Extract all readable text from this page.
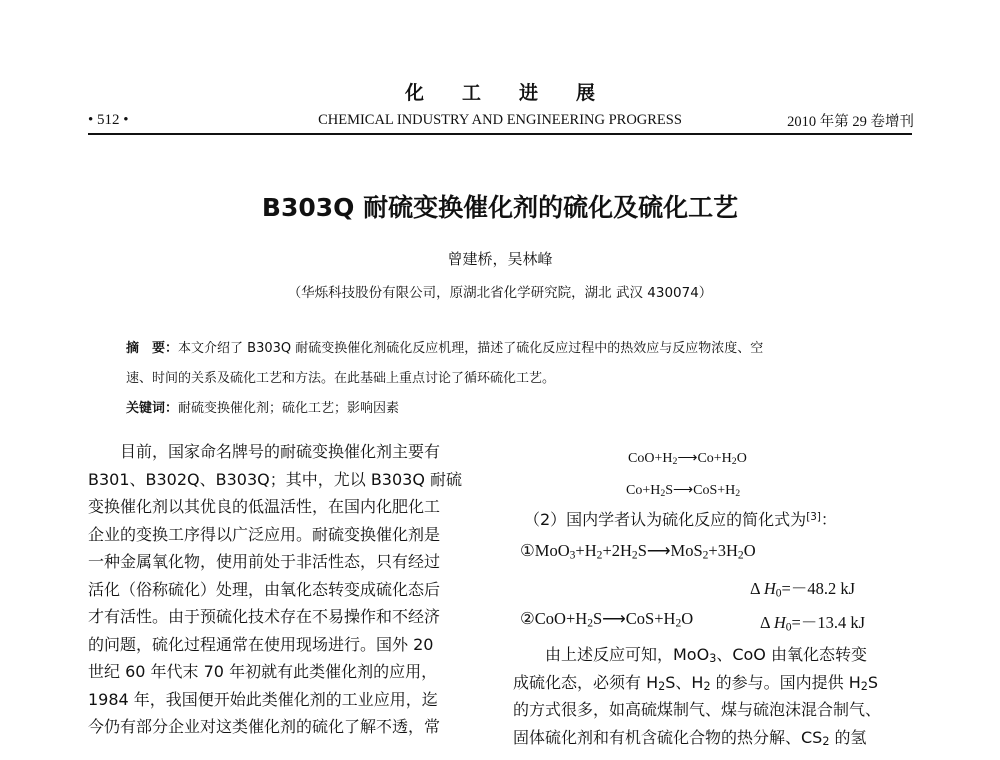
化工进展
• 512 •	CHEMICAL INDUSTRY AND ENGINEERING PROGRESS	2010 年第 29 卷增刊
B303Q 耐硫变换催化剂的硫化及硫化工艺
曾建桥，吴林峰
（华烁科技股份有限公司，原湖北省化学研究院，湖北 武汉 430074）
摘　要：本文介绍了 B303Q 耐硫变换催化剂硫化反应机理，描述了硫化反应过程中的热效应与反应物浓度、空
速、时间的关系及硫化工艺和方法。在此基础上重点讨论了循环硫化工艺。
关键词：耐硫变换催化剂；硫化工艺；影响因素
　　目前，国家命名牌号的耐硫变换催化剂主要有
B301、B302Q、B303Q；其中，尤以 B303Q 耐硫
变换催化剂以其优良的低温活性，在国内化肥化工
企业的变换工序得以广泛应用。耐硫变换催化剂是
一种金属氧化物，使用前处于非活性态，只有经过
活化（俗称硫化）处理，由氧化态转变成硫化态后
才有活性。由于预硫化技术存在不易操作和不经济
的问题，硫化过程通常在使用现场进行。国外 20
世纪 60 年代末 70 年初就有此类催化剂的应用，
1984 年，我国便开始此类催化剂的工业应用，迄
今仍有部分企业对这类催化剂的硫化了解不透，常
$CoO+H_2⟶Co+H_2O$
$Co+H_2S⟶CoS+H_2$
（2）国内学者认为硫化反应的简化式为[3]：
$①MoO_3+H_2+2H_2S⟶MoS_2+3H_2O$
Δ $H_0=-48.2$ kJ
$②CoO+H_2S⟶CoS+H_2O$	Δ $H_0=-13.4$ kJ
　　由上述反应可知，MoO$_3$、CoO 由氧化态转变
成硫化态，必须有 $H_2S$、$H_2$ 的参与。国内提供 $H_2S$
的方式很多，如高硫煤制气、煤与硫泡沫混合制气、
固体硫化剂和有机含硫化合物的热分解、$CS_2$ 的氢
